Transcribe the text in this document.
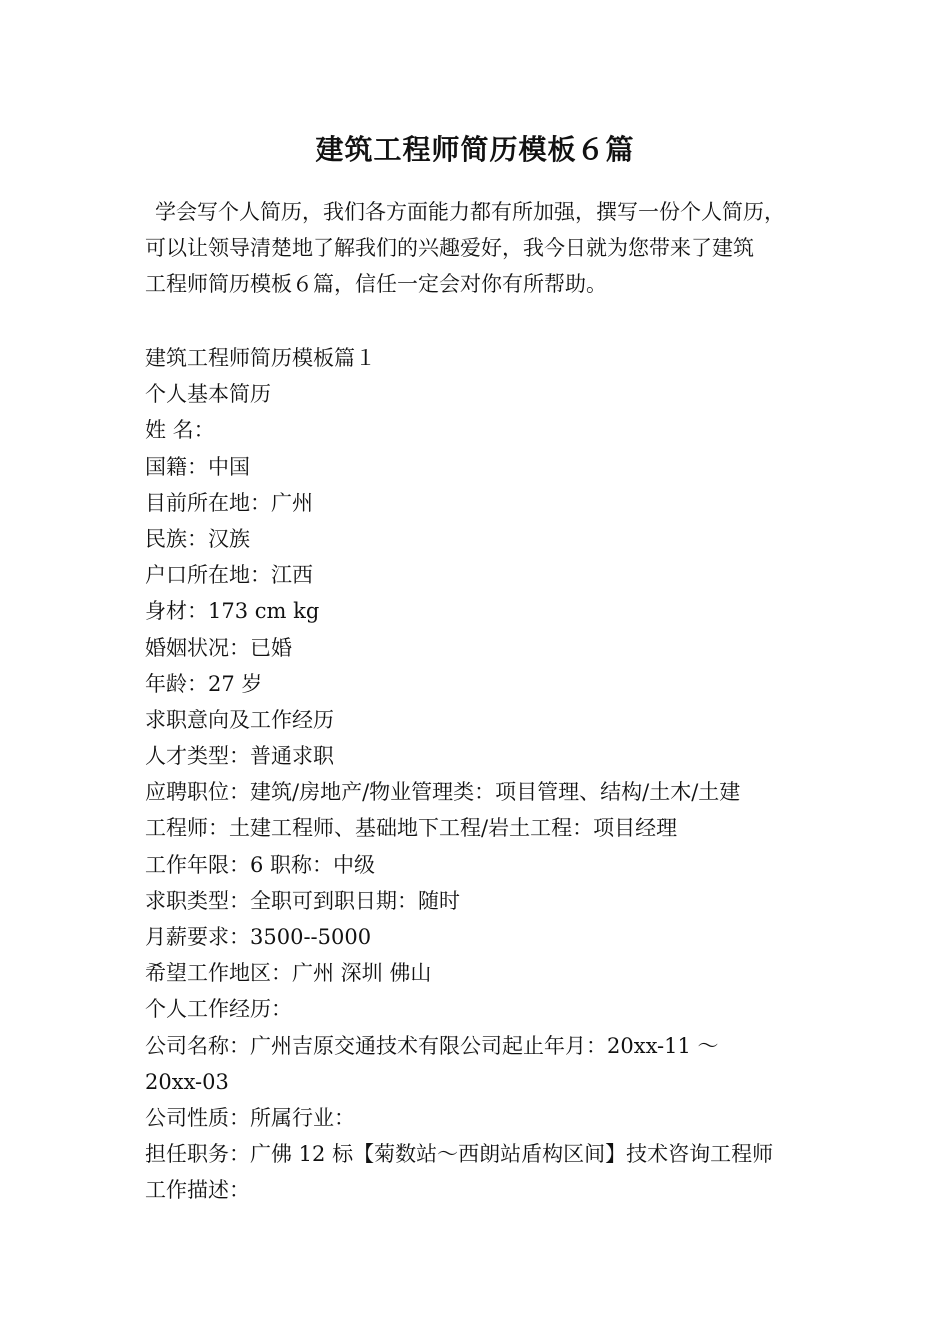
建筑工程师简历模板６篇

学会写个人简历，我们各方面能力都有所加强，撰写一份个人简历，
可以让领导清楚地了解我们的兴趣爱好，我今日就为您带来了建筑
工程师简历模板６篇，信任一定会对你有所帮助。

建筑工程师简历模板篇１
个人基本简历
姓 名：
国籍：中国
目前所在地：广州
民族：汉族
户口所在地：江西
身材：173 cm kg
婚姻状况：已婚
年龄：27 岁
求职意向及工作经历
人才类型：普通求职
应聘职位：建筑/房地产/物业管理类：项目管理、结构/土木/土建
工程师：土建工程师、基础地下工程/岩土工程：项目经理
工作年限：6 职称：中级
求职类型：全职可到职日期：随时
月薪要求：3500--5000
希望工作地区：广州 深圳 佛山
个人工作经历：
公司名称：广州吉原交通技术有限公司起止年月：20xx-11 ～
20xx-03
公司性质：所属行业：
担任职务：广佛 12 标【菊数站～西朗站盾构区间】技术咨询工程师
工作描述：
